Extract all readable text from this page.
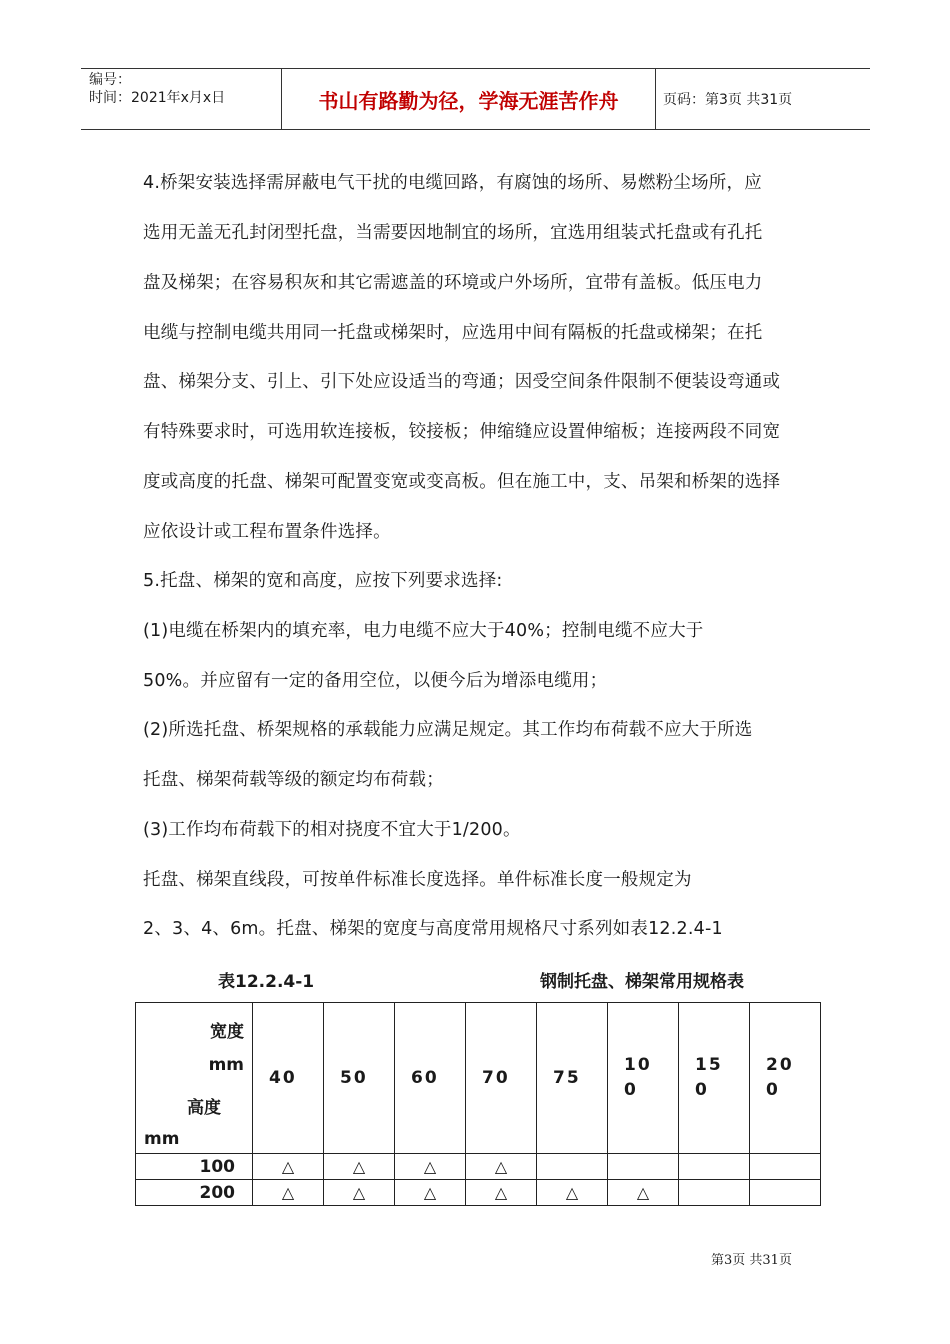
编号：
时间：2021年x月x日	书山有路勤为径，学海无涯苦作舟	页码：第3页 共31页
4.桥架安装选择需屏蔽电气干扰的电缆回路，有腐蚀的场所、易燃粉尘场所，应
选用无盖无孔封闭型托盘，当需要因地制宜的场所，宜选用组装式托盘或有孔托
盘及梯架；在容易积灰和其它需遮盖的环境或户外场所，宜带有盖板。低压电力
电缆与控制电缆共用同一托盘或梯架时，应选用中间有隔板的托盘或梯架；在托
盘、梯架分支、引上、引下处应设适当的弯通；因受空间条件限制不便装设弯通或
有特殊要求时，可选用软连接板，铰接板；伸缩缝应设置伸缩板；连接两段不同宽
度或高度的托盘、梯架可配置变宽或变高板。但在施工中，支、吊架和桥架的选择
应依设计或工程布置条件选择。
5.托盘、梯架的宽和高度，应按下列要求选择:
(1)电缆在桥架内的填充率，电力电缆不应大于40%；控制电缆不应大于
50%。并应留有一定的备用空位，以便今后为增添电缆用；
(2)所选托盘、桥架规格的承载能力应满足规定。其工作均布荷载不应大于所选
托盘、梯架荷载等级的额定均布荷载；
(3)工作均布荷载下的相对挠度不宜大于1/200。
托盘、梯架直线段，可按单件标准长度选择。单件标准长度一般规定为
2、3、4、6m。托盘、梯架的宽度与高度常用规格尺寸系列如表12.2.4-1
表12.2.4-1	钢制托盘、梯架常用规格表
宽度
mm
高度
mm	40	50	60	70	75	100	150	200
100	△	△	△	△				
200	△	△	△	△	△	△		
第3页 共31页
